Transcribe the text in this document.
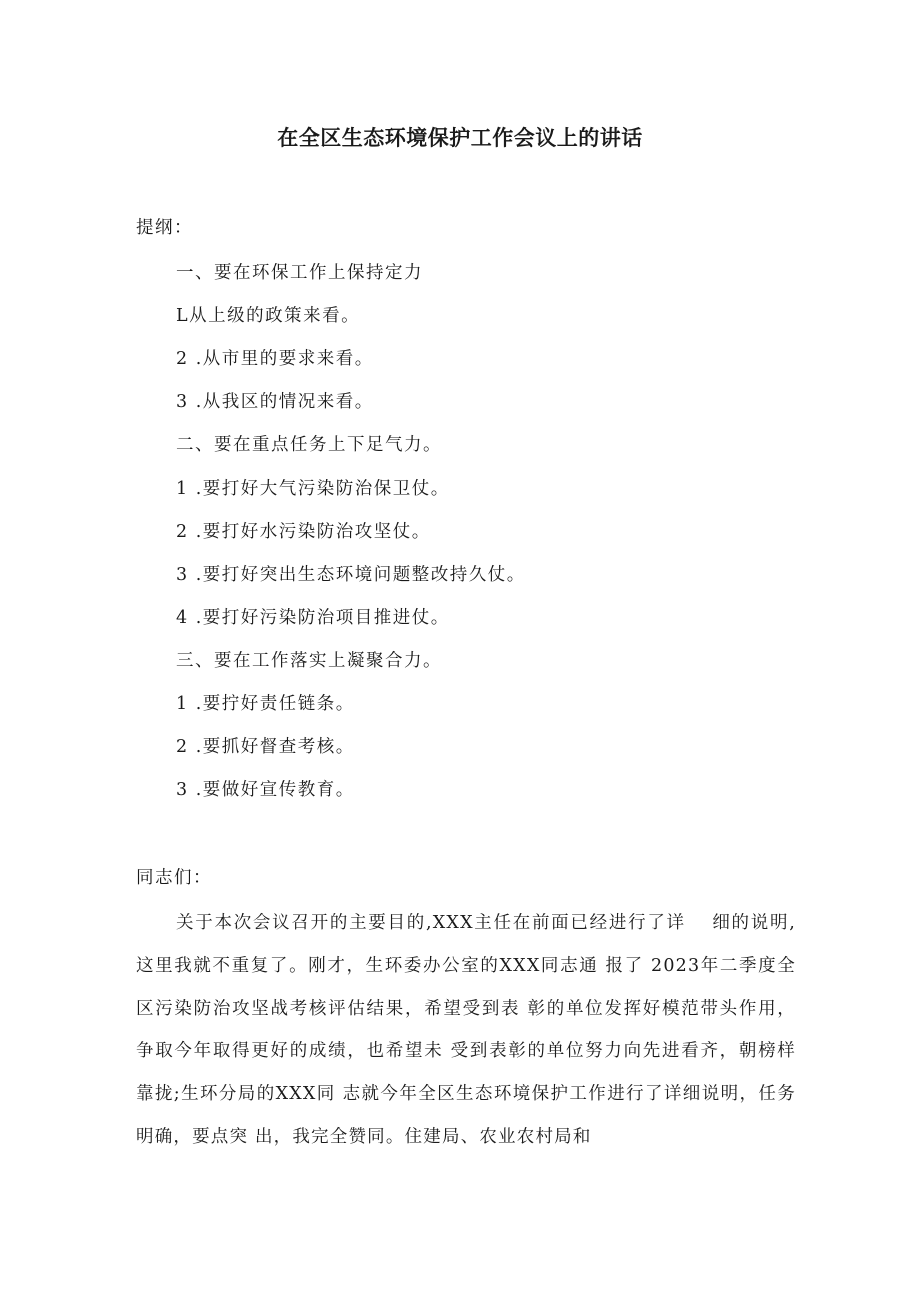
在全区生态环境保护工作会议上的讲话
提纲：
一、要在环保工作上保持定力
L从上级的政策来看。
2 .从市里的要求来看。
3 .从我区的情况来看。
二、要在重点任务上下足气力。
1 .要打好大气污染防治保卫仗。
2 .要打好水污染防治攻坚仗。
3 .要打好突出生态环境问题整改持久仗。
4 .要打好污染防治项目推进仗。
三、要在工作落实上凝聚合力。
1 .要拧好责任链条。
2 .要抓好督查考核。
3 .要做好宣传教育。
同志们：

关于本次会议召开的主要目的,XXX主任在前面已经进行了详　 细的说明,这里我就不重复了。刚才，生环委办公室的XXX同志通 报了 2023年二季度全区污染防治攻坚战考核评估结果，希望受到表 彰的单位发挥好模范带头作用，争取今年取得更好的成绩，也希望未 受到表彰的单位努力向先进看齐，朝榜样靠拢;生环分局的XXX同 志就今年全区生态环境保护工作进行了详细说明，任务明确，要点突 出，我完全赞同。住建局、农业农村局和
